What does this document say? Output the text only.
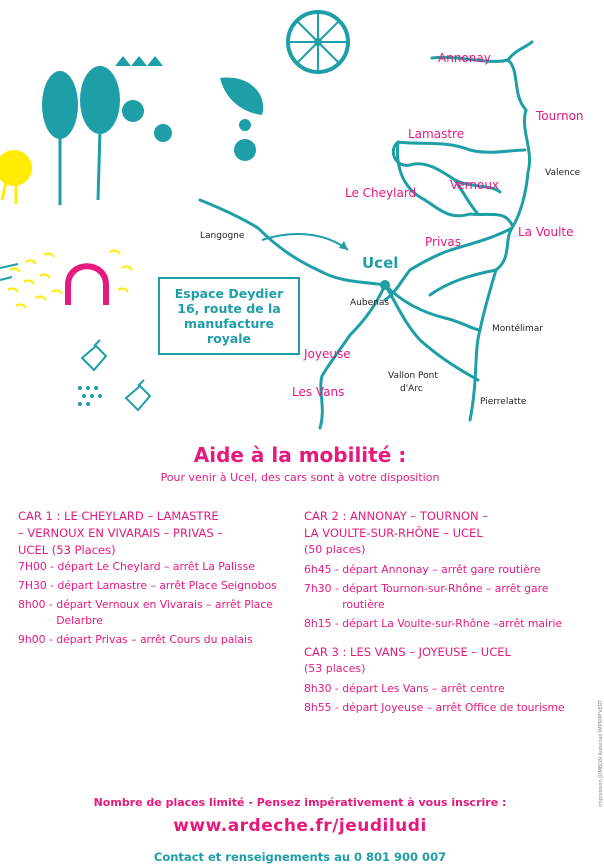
Annonay
Tournon
Lamastre
Vernoux
Le Cheylard
Privas
La Voulte
Joyeuse
Les Vans
Valence
Langogne
Aubenas
Montélimar
Vallon Pont
d'Arc
Pierrelatte
Ucel
Espace Deydier
16, route de la
manufacture
royale
Aide à la mobilité :
Pour venir à Ucel, des cars sont à votre disposition
CAR 1 : LE CHEYLARD – LAMASTRE
– VERNOUX EN VIVARAIS – PRIVAS –
UCEL (53 Places)
7H00 - départ Le Cheylard – arrêt La Palisse
7H30 - départ Lamastre – arrêt Place Seignobos
8h00 - départ Vernoux en Vivarais – arrêt Place Delarbre
9h00 - départ Privas – arrêt Cours du palais
CAR 2 : ANNONAY – TOURNON –
LA VOULTE-SUR-RHÔNE – UCEL
(50 places)
6h45 - départ Annonay – arrêt gare routière
7h30 - départ Tournon-sur-Rhône – arrêt gare routière
8h15 - départ La Voulte-sur-Rhône –arrêt mairie
CAR 3 : LES VANS – JOYEUSE – UCEL
(53 places)
8h30 - départ Les Vans – arrêt centre
8h55 - départ Joyeuse – arrêt Office de tourisme
Nombre de places limité - Pensez impérativement à vous inscrire :
www.ardeche.fr/jeudiludi
Contact et renseignements au 0 801 900 007
Impression JOMBON Aubenas IMPRIM'VERT
